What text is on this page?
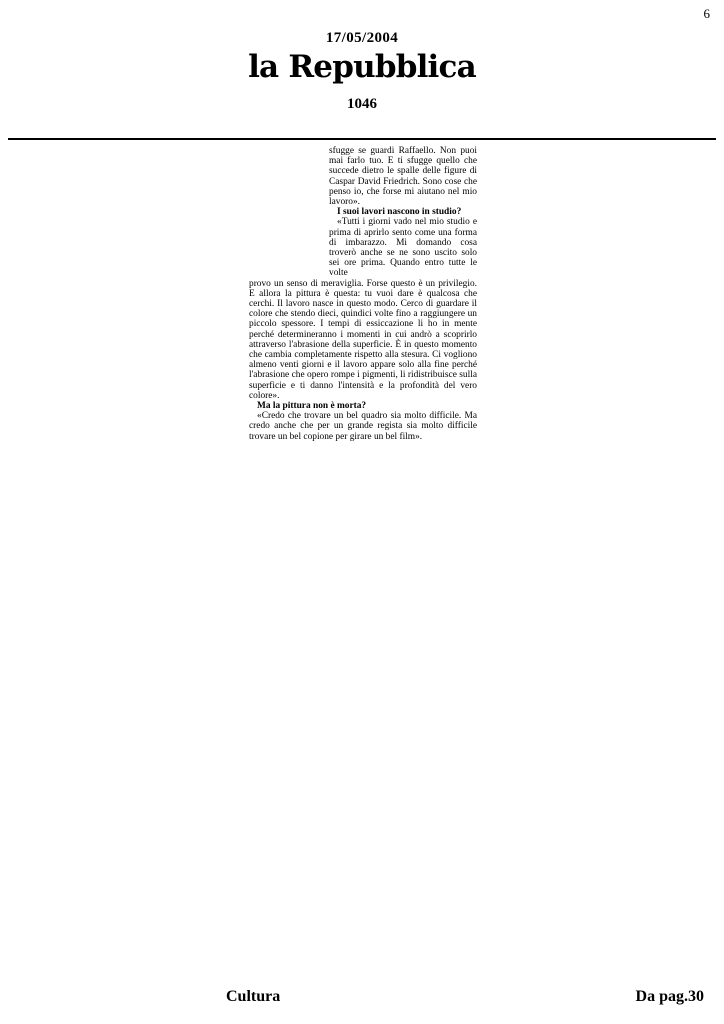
6
17/05/2004
la Repubblica
1046

sfugge se guardi Raffaello. Non puoi mai farlo tuo. E ti sfugge quello che succede dietro le spalle delle figure di Caspar David Friedrich. Sono cose che penso io, che forse mi aiutano nel mio lavoro».

I suoi lavori nascono in studio?

«Tutti i giorni vado nel mio studio e prima di aprirlo sento come una forma di imbarazzo. Mi domando cosa troverò anche se ne sono uscito solo sei ore prima. Quando entro tutte le volte

provo un senso di meraviglia. Forse questo è un privilegio. E allora la pittura è questa: tu vuoi dare è qualcosa che cerchi. Il lavoro nasce in questo modo. Cerco di guardare il colore che stendo dieci, quindici volte fino a raggiungere un piccolo spessore. I tempi di essiccazione li ho in mente perché determineranno i momenti in cui andrò a scoprirlo attraverso l'abrasione della superficie. È in questo momento che cambia completamente rispetto alla stesura. Ci vogliono almeno venti giorni e il lavoro appare solo alla fine perché l'abrasione che opero rompe i pigmenti, li ridistribuisce sulla superficie e ti danno l'intensità e la profondità del vero colore».

Ma la pittura non è morta?

«Credo che trovare un bel quadro sia molto difficile. Ma credo anche che per un grande regista sia molto difficile trovare un bel copione per girare un bel film».

Cultura	Da pag.30
